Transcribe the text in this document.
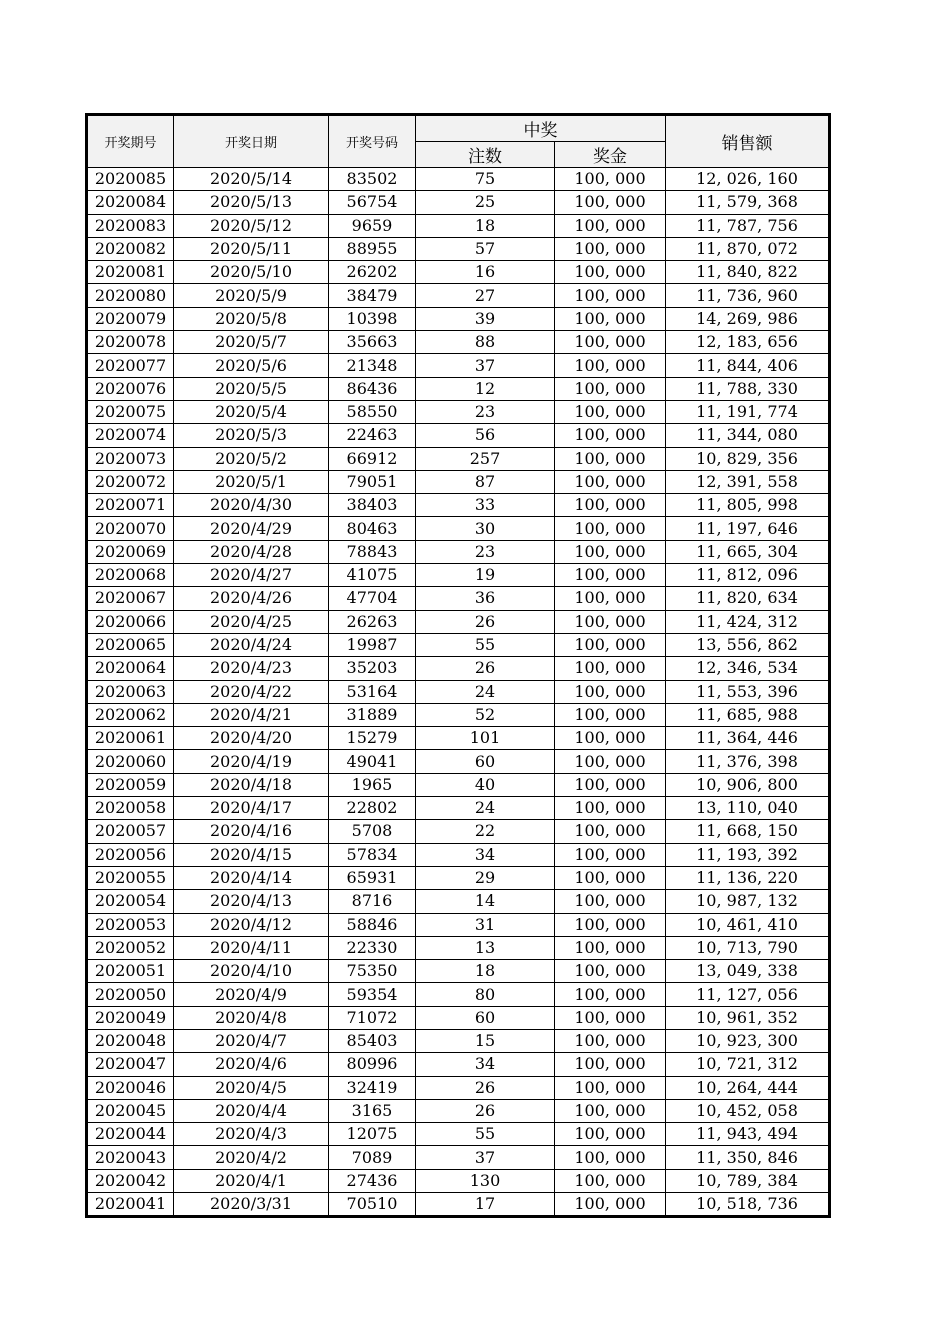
开奖期号	开奖日期	开奖号码	中奖		销售额
			注数	奖金	
2020085	2020/5/14	83502	75	100, 000	12, 026, 160
2020084	2020/5/13	56754	25	100, 000	11, 579, 368
2020083	2020/5/12	9659	18	100, 000	11, 787, 756
2020082	2020/5/11	88955	57	100, 000	11, 870, 072
2020081	2020/5/10	26202	16	100, 000	11, 840, 822
2020080	2020/5/9	38479	27	100, 000	11, 736, 960
2020079	2020/5/8	10398	39	100, 000	14, 269, 986
2020078	2020/5/7	35663	88	100, 000	12, 183, 656
2020077	2020/5/6	21348	37	100, 000	11, 844, 406
2020076	2020/5/5	86436	12	100, 000	11, 788, 330
2020075	2020/5/4	58550	23	100, 000	11, 191, 774
2020074	2020/5/3	22463	56	100, 000	11, 344, 080
2020073	2020/5/2	66912	257	100, 000	10, 829, 356
2020072	2020/5/1	79051	87	100, 000	12, 391, 558
2020071	2020/4/30	38403	33	100, 000	11, 805, 998
2020070	2020/4/29	80463	30	100, 000	11, 197, 646
2020069	2020/4/28	78843	23	100, 000	11, 665, 304
2020068	2020/4/27	41075	19	100, 000	11, 812, 096
2020067	2020/4/26	47704	36	100, 000	11, 820, 634
2020066	2020/4/25	26263	26	100, 000	11, 424, 312
2020065	2020/4/24	19987	55	100, 000	13, 556, 862
2020064	2020/4/23	35203	26	100, 000	12, 346, 534
2020063	2020/4/22	53164	24	100, 000	11, 553, 396
2020062	2020/4/21	31889	52	100, 000	11, 685, 988
2020061	2020/4/20	15279	101	100, 000	11, 364, 446
2020060	2020/4/19	49041	60	100, 000	11, 376, 398
2020059	2020/4/18	1965	40	100, 000	10, 906, 800
2020058	2020/4/17	22802	24	100, 000	13, 110, 040
2020057	2020/4/16	5708	22	100, 000	11, 668, 150
2020056	2020/4/15	57834	34	100, 000	11, 193, 392
2020055	2020/4/14	65931	29	100, 000	11, 136, 220
2020054	2020/4/13	8716	14	100, 000	10, 987, 132
2020053	2020/4/12	58846	31	100, 000	10, 461, 410
2020052	2020/4/11	22330	13	100, 000	10, 713, 790
2020051	2020/4/10	75350	18	100, 000	13, 049, 338
2020050	2020/4/9	59354	80	100, 000	11, 127, 056
2020049	2020/4/8	71072	60	100, 000	10, 961, 352
2020048	2020/4/7	85403	15	100, 000	10, 923, 300
2020047	2020/4/6	80996	34	100, 000	10, 721, 312
2020046	2020/4/5	32419	26	100, 000	10, 264, 444
2020045	2020/4/4	3165	26	100, 000	10, 452, 058
2020044	2020/4/3	12075	55	100, 000	11, 943, 494
2020043	2020/4/2	7089	37	100, 000	11, 350, 846
2020042	2020/4/1	27436	130	100, 000	10, 789, 384
2020041	2020/3/31	70510	17	100, 000	10, 518, 736
